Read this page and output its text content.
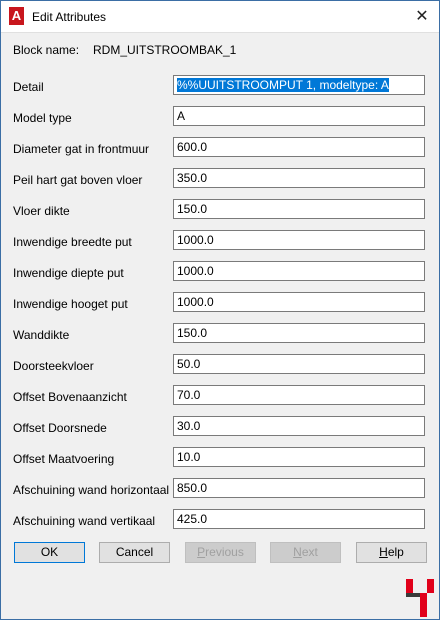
A Edit Attributes	✕
Block name: RDM_UITSTROOMBAK_1
Detail	%%UUITSTROOMPUT 1, modeltype: A
Model type	A
Diameter gat in frontmuur	600.0
Peil hart gat boven vloer	350.0
Vloer dikte	150.0
Inwendige breedte put	1000.0
Inwendige diepte put	1000.0
Inwendige hooget put	1000.0
Wanddikte	150.0
Doorsteekvloer	50.0
Offset Bovenaanzicht	70.0
Offset Doorsnede	30.0
Offset Maatvoering	10.0
Afschuining wand horizontaal 850.0
Afschuining wand vertikaal	425.0
OK	Cancel	Previous	Next	Help
